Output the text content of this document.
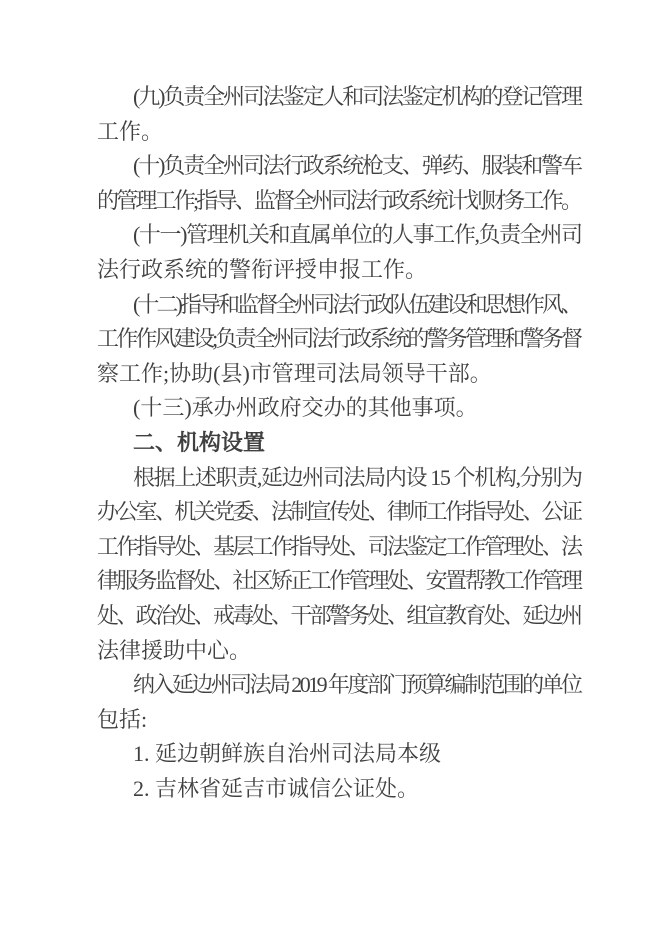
(九)负责全州司法鉴定人和司法鉴定机构的登记管理
工作。
(十)负责全州司法行政系统枪支、弹药、服装和警车
的管理工作;指导、监督全州司法行政系统计划财务工作。
(十一)管理机关和直属单位的人事工作,负责全州司
法行政系统的警衔评授申报工作。
(十二)指导和监督全州司法行政队伍建设和思想作风、
工作作风建设;负责全州司法行政系统的警务管理和警务督
察工作;协助(县)市管理司法局领导干部。
(十三)承办州政府交办的其他事项。
二、机构设置
根据上述职责,延边州司法局内设 15 个机构,分别为
办公室、机关党委、法制宣传处、律师工作指导处、公证
工作指导处、基层工作指导处、司法鉴定工作管理处、法
律服务监督处、社区矫正工作管理处、安置帮教工作管理
处、政治处、戒毒处、干部警务处、组宣教育处、延边州
法律援助中心。
纳入延边州司法局 2019 年度部门预算编制范围的单位
包括:
1. 延边朝鲜族自治州司法局本级
2. 吉林省延吉市诚信公证处。
